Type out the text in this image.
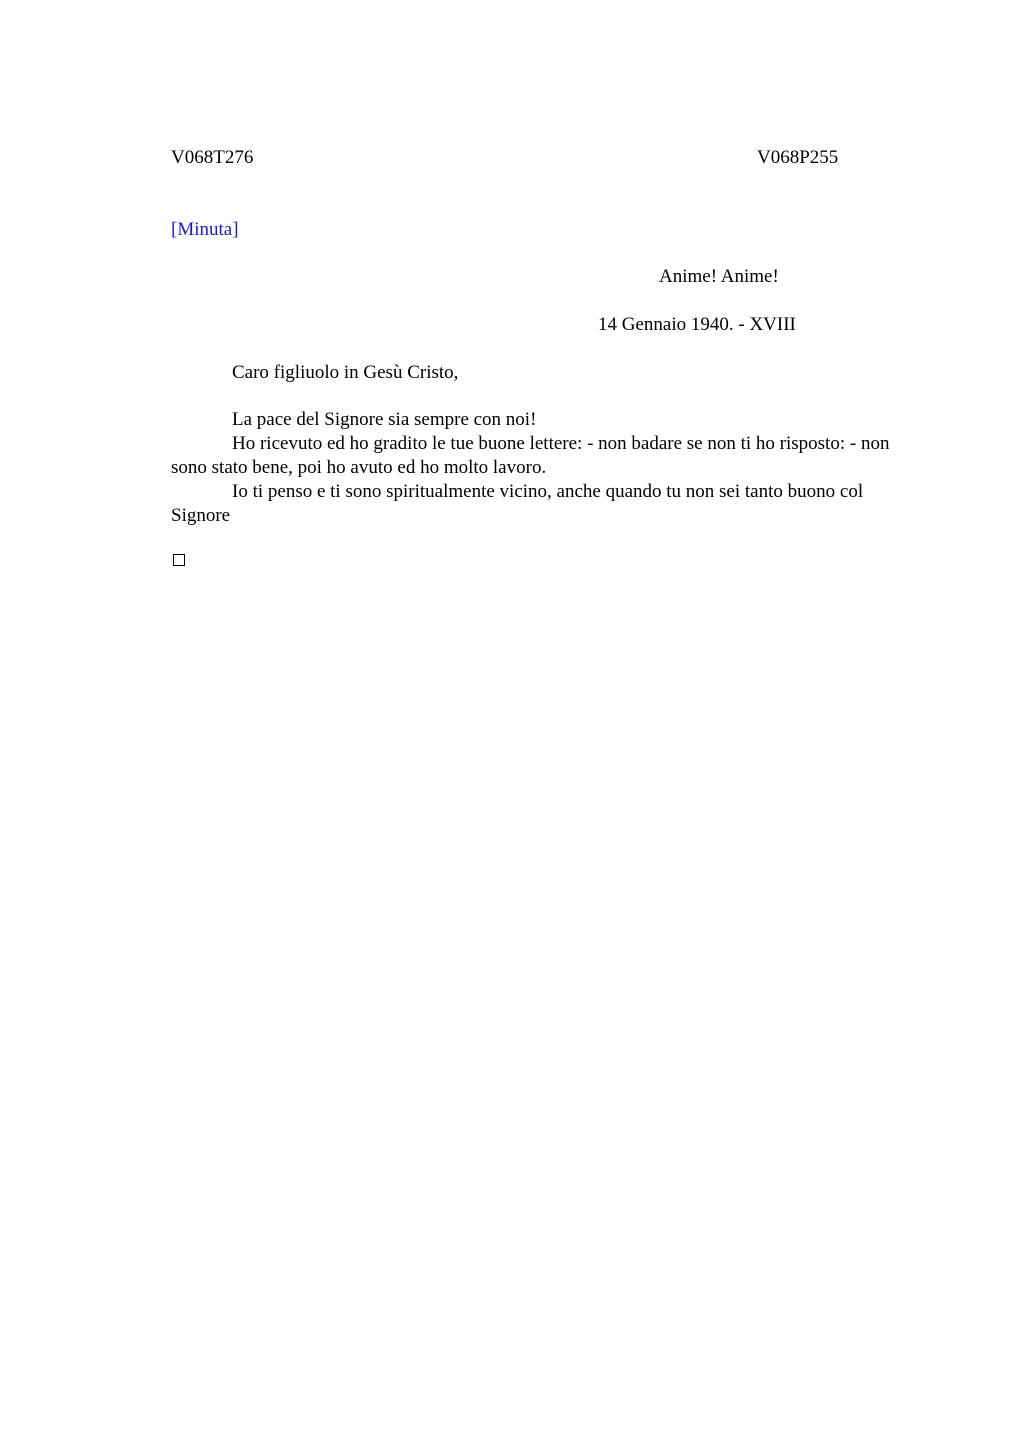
V068T276	V068P255
[Minuta]
Anime! Anime!
14 Gennaio 1940. - XVIII
Caro figliuolo in Gesù Cristo,

La pace del Signore sia sempre con noi!

Ho ricevuto ed ho gradito le tue buone lettere: - non badare se non ti ho risposto: - non sono stato bene, poi ho avuto ed ho molto lavoro.

Io ti penso e ti sono spiritualmente vicino, anche quando tu non sei tanto buono col Signore
